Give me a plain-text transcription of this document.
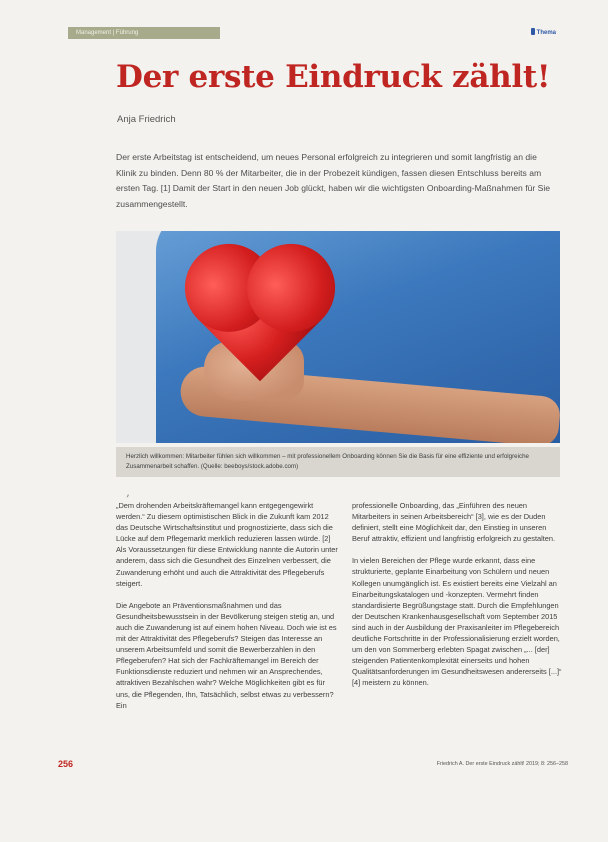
Management | Führung	Thema
Der erste Eindruck zählt!
Anja Friedrich

Der erste Arbeitstag ist entscheidend, um neues Personal erfolgreich zu integrieren und somit langfristig an die Klinik zu binden. Denn 80 % der Mitarbeiter, die in der Probezeit kündigen, fassen diesen Entschluss bereits am ersten Tag. [1] Damit der Start in den neuen Job glückt, haben wir die wichtigsten Onboarding-Maßnahmen für Sie zusammengestellt.

Herzlich willkommen: Mitarbeiter fühlen sich willkommen – mit professionellem Onboarding können Sie die Basis für eine effiziente und erfolgreiche Zusammenarbeit schaffen. (Quelle: beeboys/stock.adobe.com)
‚

„Dem drohenden Arbeitskräftemangel kann entgegengewirkt werden.“ Zu diesem optimistischen Blick in die Zukunft kam 2012 das Deutsche Wirtschaftsinstitut und prognostizierte, dass sich die Lücke auf dem Pflegemarkt merklich reduzieren lassen würde. [2] Als Voraussetzungen für diese Entwicklung nannte die Autorin unter anderem, dass sich die Gesundheit des Einzelnen verbessert, die Zuwanderung erhöht und auch die Attraktivität des Pflegeberufs steigert.

Die Angebote an Präventionsmaßnahmen und das Gesundheitsbewusstsein in der Bevölkerung steigen stetig an, und auch die Zuwanderung ist auf einem hohen Niveau. Doch wie ist es mit der Attraktivität des Pflegeberufs? Steigen das Interesse an unserem Arbeitsumfeld und somit die Bewerberzahlen in den Pflegeberufen? Hat sich der Fachkräftemangel im Bereich der Funktionsdienste reduziert und nehmen wir an Ansprechendes, attraktiven Bezahlschen wahr? Welche Möglichkeiten gibt es für uns, die Pflegenden, Ihn, Tatsächlich, selbst etwas zu verbessern? Ein

professionelle Onboarding, das „Einführen des neuen Mitarbeiters in seinen Arbeitsbereich“ [3], wie es der Duden definiert, stellt eine Möglichkeit dar, den Einstieg in unseren Beruf attraktiv, effizient und langfristig erfolgreich zu gestalten.

In vielen Bereichen der Pflege wurde erkannt, dass eine strukturierte, geplante Einarbeitung von Schülern und neuen Kollegen unumgänglich ist. Es existiert bereits eine Vielzahl an Einarbeitungskatalogen und -konzepten. Vermehrt finden standardisierte Begrüßungstage statt. Durch die Empfehlungen der Deutschen Krankenhausgesellschaft vom September 2015 sind auch in der Ausbildung der Praxisanleiter im Pflegebereich deutliche Fortschritte in der Professionalisierung erzielt worden, um den von Sommerberg erlebten Spagat zwischen „... [der] steigenden Patientenkomplexität einerseits und hohen Qualitätsanforderungen im Gesundheitswesen andererseits [...]“ [4] meistern zu können.

256	Friedrich A. Der erste Eindruck zählt! 2019; 8: 256–258
